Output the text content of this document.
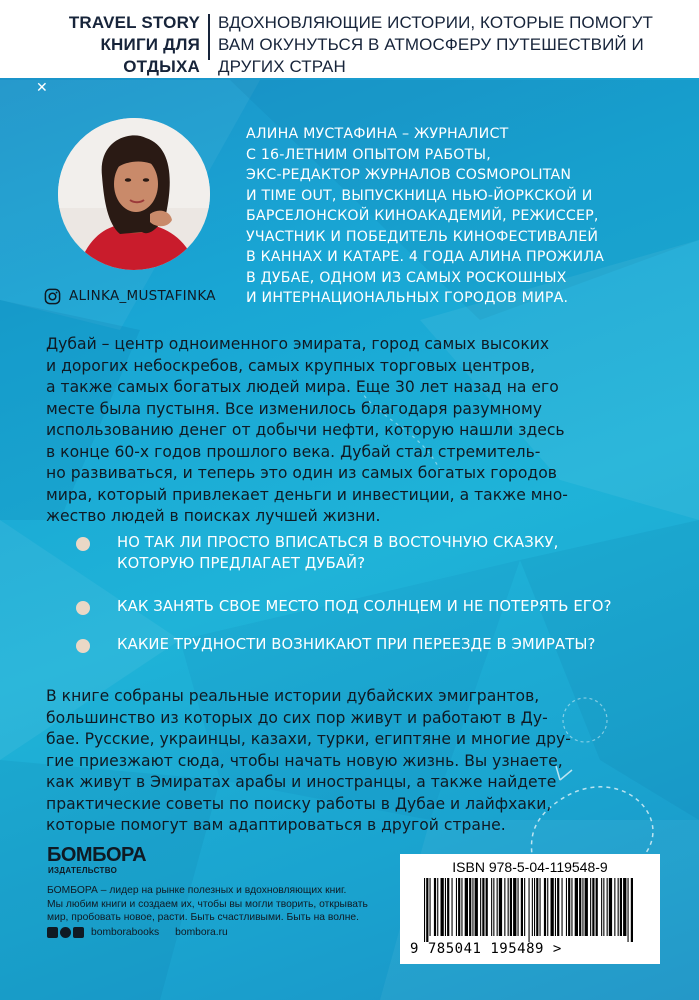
TRAVEL STORY
КНИГИ ДЛЯ ОТДЫХА
ВДОХНОВЛЯЮЩИЕ ИСТОРИИ, КОТОРЫЕ ПОМОГУТ ВАМ ОКУНУТЬСЯ В АТМОСФЕРУ ПУТЕШЕСТВИЙ И ДРУГИХ СТРАН
✕
ALINKA_MUSTAFINKA
АЛИНА МУСТАФИНА – ЖУРНАЛИСТ
С 16-ЛЕТНИМ ОПЫТОМ РАБОТЫ,
ЭКС-РЕДАКТОР ЖУРНАЛОВ COSMOPOLITAN
И TIME OUT, ВЫПУСКНИЦА НЬЮ-ЙОРКСКОЙ И
БАРСЕЛОНСКОЙ КИНОАКАДЕМИЙ, РЕЖИССЕР,
УЧАСТНИК И ПОБЕДИТЕЛЬ КИНОФЕСТИВАЛЕЙ
В КАННАХ И КАТАРЕ. 4 ГОДА АЛИНА ПРОЖИЛА
В ДУБАЕ, ОДНОМ ИЗ САМЫХ РОСКОШНЫХ
И ИНТЕРНАЦИОНАЛЬНЫХ ГОРОДОВ МИРА.
Дубай – центр одноименного эмирата, город самых высоких
и дорогих небоскребов, самых крупных торговых центров,
а также самых богатых людей мира. Еще 30 лет назад на его
месте была пустыня. Все изменилось благодаря разумному
использованию денег от добычи нефти, которую нашли здесь
в конце 60-х годов прошлого века. Дубай стал стремитель-
но развиваться, и теперь это один из самых богатых городов
мира, который привлекает деньги и инвестиции, а также мно-
жество людей в поисках лучшей жизни.
НО ТАК ЛИ ПРОСТО ВПИСАТЬСЯ В ВОСТОЧНУЮ СКАЗКУ,
КОТОРУЮ ПРЕДЛАГАЕТ ДУБАЙ?
КАК ЗАНЯТЬ СВОЕ МЕСТО ПОД СОЛНЦЕМ И НЕ ПОТЕРЯТЬ ЕГО?
КАКИЕ ТРУДНОСТИ ВОЗНИКАЮТ ПРИ ПЕРЕЕЗДЕ В ЭМИРАТЫ?
В книге собраны реальные истории дубайских эмигрантов,
большинство из которых до сих пор живут и работают в Ду-
бае. Русские, украинцы, казахи, турки, египтяне и многие дру-
гие приезжают сюда, чтобы начать новую жизнь. Вы узнаете,
как живут в Эмиратах арабы и иностранцы, а также найдете
практические советы по поиску работы в Дубае и лайфхаки,
которые помогут вам адаптироваться в другой стране.
БОМБОРА
ИЗДАТЕЛЬСТВО
БОМБОРА – лидер на рынке полезных и вдохновляющих книг.
Мы любим книги и создаем их, чтобы вы могли творить, открывать
мир, пробовать новое, расти. Быть счастливыми. Быть на волне.
bomborabooks bombora.ru
ISBN 978-5-04-119548-9
9 785041 195489 >
